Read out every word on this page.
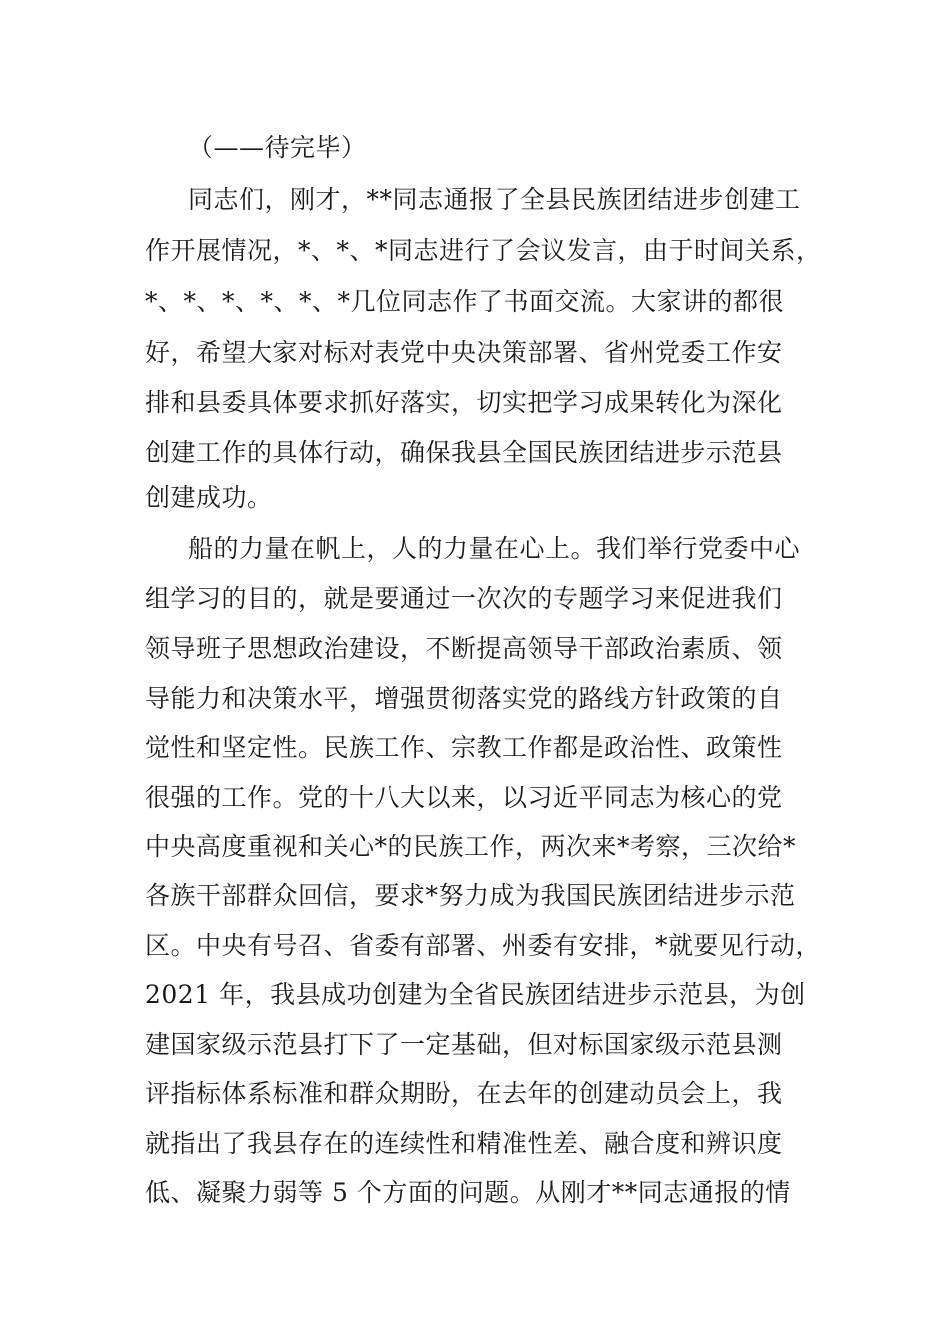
（——待完毕）
同志们，刚才，**同志通报了全县民族团结进步创建工
作开展情况，*、*、*同志进行了会议发言，由于时间关系，
*、*、*、*、*、*几位同志作了书面交流。大家讲的都很
好，希望大家对标对表党中央决策部署、省州党委工作安
排和县委具体要求抓好落实，切实把学习成果转化为深化
创建工作的具体行动，确保我县全国民族团结进步示范县
创建成功。
船的力量在帆上，人的力量在心上。我们举行党委中心
组学习的目的，就是要通过一次次的专题学习来促进我们
领导班子思想政治建设，不断提高领导干部政治素质、领
导能力和决策水平，增强贯彻落实党的路线方针政策的自
觉性和坚定性。民族工作、宗教工作都是政治性、政策性
很强的工作。党的十八大以来，以习近平同志为核心的党
中央高度重视和关心*的民族工作，两次来*考察，三次给*
各族干部群众回信，要求*努力成为我国民族团结进步示范
区。中央有号召、省委有部署、州委有安排，*就要见行动，
2021 年，我县成功创建为全省民族团结进步示范县，为创
建国家级示范县打下了一定基础，但对标国家级示范县测
评指标体系标准和群众期盼，在去年的创建动员会上，我
就指出了我县存在的连续性和精准性差、融合度和辨识度
低、凝聚力弱等 5 个方面的问题。从刚才**同志通报的情
